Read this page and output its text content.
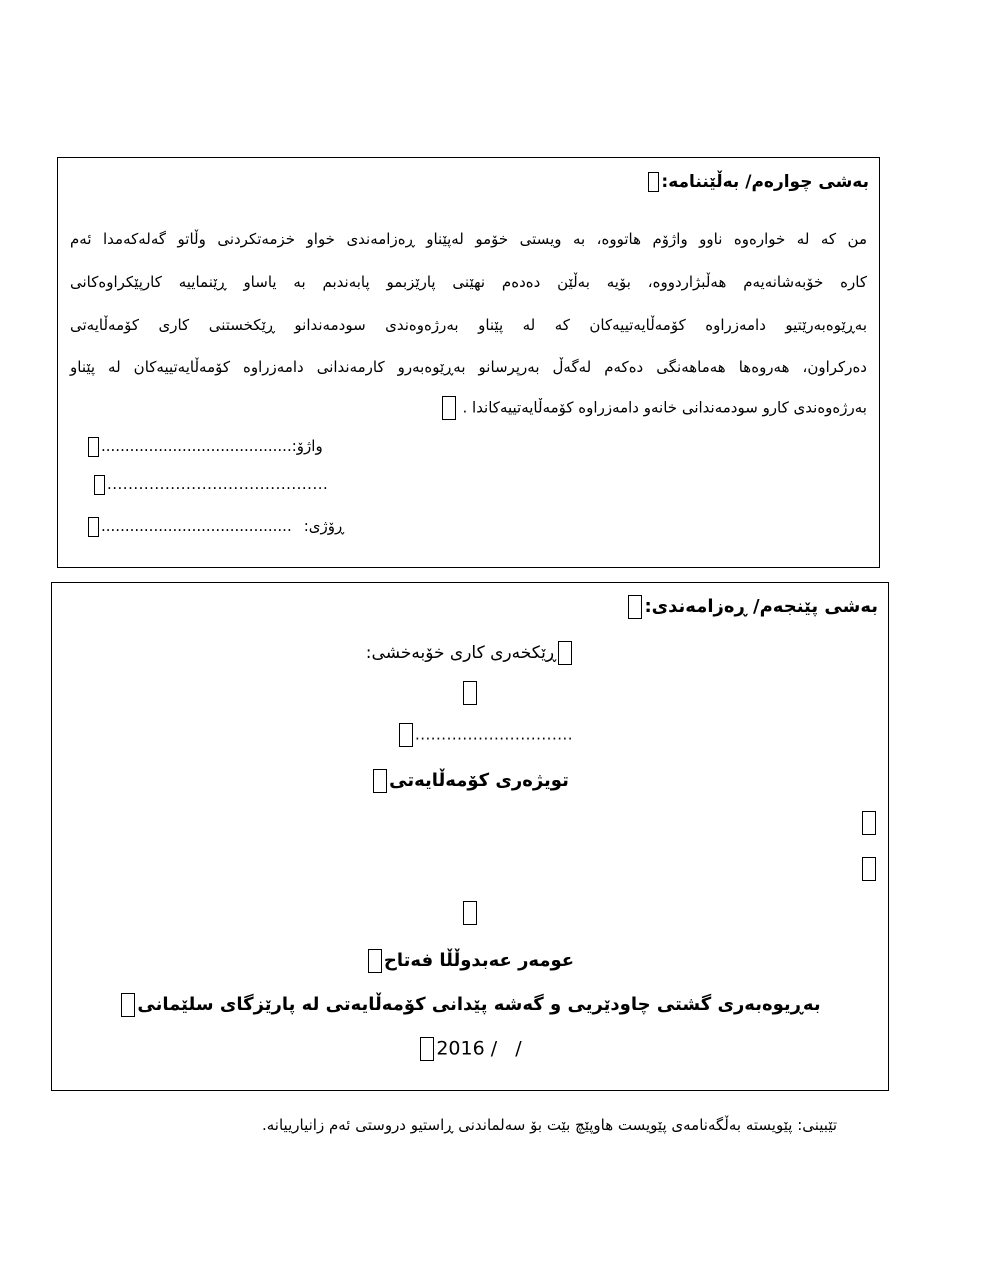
بەشی چوارەم/ بەڵێننامە:
من كە لە خوارەوە ناوو واژۆم هاتووە، بە ویستی خۆمو لەپێناو ڕەزامەندی خواو خزمەتكردنی وڵاتو گەلەكەمدا ئەم
كارە خۆبەشانەیەم هەڵبژاردووە، بۆیە بەڵێن دەدەم نهێنی پارێزبمو پابەندبم بە یاساو ڕێنماییە كارپێكراوەكانی
بەڕێوەبەرێتیو دامەزراوە كۆمەڵایەتییەكان كە لە پێناو بەرژەوەندی سودمەندانو ڕێكخستنی كاری كۆمەڵایەتی
دەركراون، هەروەها هەماهەنگی دەكەم لەگەڵ بەرپرسانو بەڕێوەبەرو كارمەندانی دامەزراوە كۆمەڵایەتییەكان لە پێناو
بەرژەوەندی كارو سودمەندانی خانەو دامەزراوە كۆمەڵایەتییەكاندا .
........................................واژۆ:
..........................................
........................................ ڕۆژی:
بەشی پێنجەم/ ڕەزامەندی:
ڕێكخەری كاری خۆبەخشی:
..............................
تویژەری كۆمەڵایەتی
عومەر عەبدوڵڵا فەتاح
بەڕیوەبەری گشتی چاودێریی و گەشە پێدانی كۆمەڵایەتی لە پارێزگای سلێمانی
2016 /   /
تێبینی: پێویستە بەڵگەنامەی پێویست هاوپێچ بێت بۆ سەلماندنی ڕاستیو دروستی ئەم زانیارییانە.
